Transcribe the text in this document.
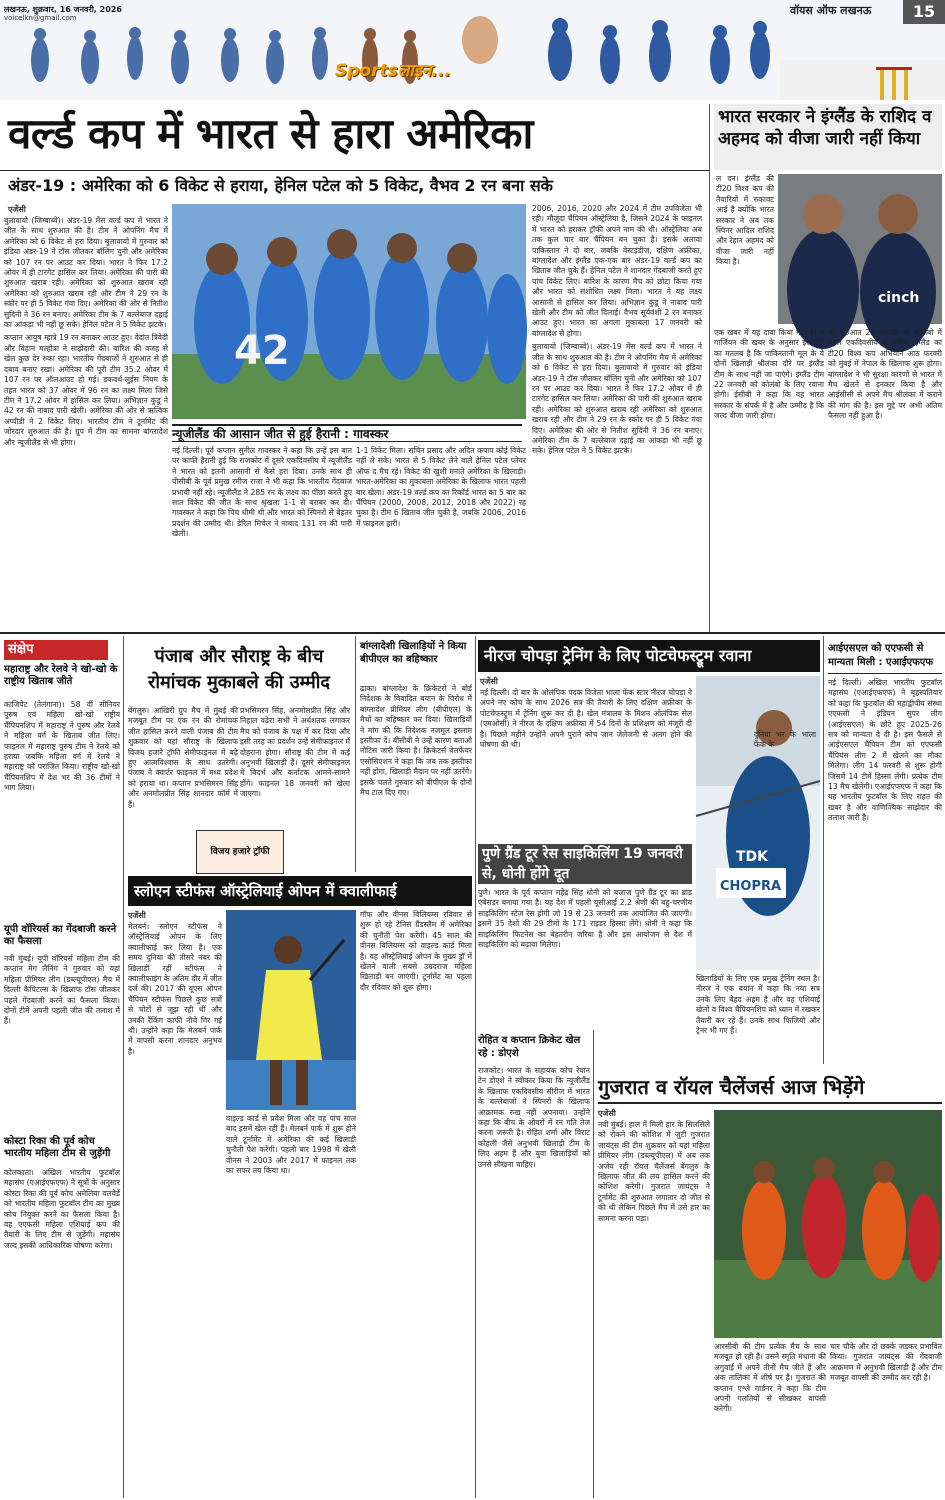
लखनऊ, शुक्रवार, 16 जनवरी, 2026
voicelkn@gmail.com
वॉयस ऑफ लखनऊ	15
Sportsलाइन...
वर्ल्ड कप में भारत से हारा अमेरिका
अंडर-19 : अमेरिका को 6 विकेट से हराया, हेनिल पटेल को 5 विकेट, वैभव 2 रन बना सके
एजेंसी

बुलावायो (जिम्बाब्वे)। अंडर-19 मेंस वर्ल्ड कप में भारत ने जीत के साथ शुरुआत की है। टीम ने ओपनिंग मैच में अमेरिका को 6 विकेट से हरा दिया। बुलावायो में गुरुवार को इंडिया अंडर-19 ने टॉस जीतकर बॉलिंग चुनी और अमेरिका को 107 रन पर आउट कर दिया। भारत ने फिर 17.2 ओवर में ही टारगेट हासिल कर लिया। अमेरिका की पारी की शुरुआत खराब रही। अमेरिका को शुरुआत खराब रही अमेरिका को शुरुआत खराब रही और टीम ने 29 रन के स्कोर पर ही 5 विकेट गंवा दिए। अमेरिका की ओर से नितीश सुदिनी ने 36 रन बनाए। अमेरिका टीम के 7 बल्लेबाज दहाई का आंकड़ा भी नहीं छू सके। हेनिल पटेल ने 5 विकेट झटके।

कप्तान आयुष म्हात्रे 19 रन बनाकर आउट हुए। वेदांत त्रिवेदी और विहान मल्होत्रा ने साझेदारी की। बारिश की वजह से खेल कुछ देर रुका रहा। भारतीय गेंदबाजों ने शुरुआत से ही दबाव बनाए रखा। अमेरिका की पूरी टीम 35.2 ओवर में 107 रन पर ऑलआउट हो गई। डकवर्थ-लुईस नियम के तहत भारत को 37 ओवर में 96 रन का लक्ष्य मिला जिसे टीम ने 17.2 ओवर में हासिल कर लिया। अभिज्ञान कुंडू ने 42 रन की नाबाद पारी खेली। अमेरिका की ओर से ऋत्विक अप्पीडी ने 2 विकेट लिए। भारतीय टीम ने टूर्नामेंट की जोरदार शुरुआत की है। ग्रुप में टीम का सामना बांग्लादेश और न्यूजीलैंड से भी होगा।

42

2006, 2016, 2020 और 2024 में टीम उपविजेता भी रही। मौजूदा चैंपियन ऑस्ट्रेलिया है, जिसने 2024 के फाइनल में भारत को हराकर ट्रॉफी अपने नाम की थी। ऑस्ट्रेलिया अब तक कुल चार बार चैंपियन बन चुका है। इसके अलावा पाकिस्तान ने दो बार, जबकि वेस्टइंडीज, दक्षिण अफ्रीका, बांग्लादेश और इंग्लैंड एक-एक बार अंडर-19 वर्ल्ड कप का खिताब जीत चुके हैं। हेनिल पटेल ने शानदार गेंदबाजी करते हुए पांच विकेट लिए। बारिश के कारण मैच को छोटा किया गया और भारत को संशोधित लक्ष्य मिला। भारत ने यह लक्ष्य आसानी से हासिल कर लिया। अभिज्ञान कुंडू ने नाबाद पारी खेली और टीम को जीत दिलाई। वैभव सूर्यवंशी 2 रन बनाकर आउट हुए। भारत का अगला मुकाबला 17 जनवरी को बांग्लादेश से होगा।

बुलावायो (जिम्बाब्वे)। अंडर-19 मेंस वर्ल्ड कप में भारत ने जीत के साथ शुरुआत की है। टीम ने ओपनिंग मैच में अमेरिका को 6 विकेट से हरा दिया। बुलावायो में गुरुवार को इंडिया अंडर-19 ने टॉस जीतकर बॉलिंग चुनी और अमेरिका को 107 रन पर आउट कर दिया। भारत ने फिर 17.2 ओवर में ही टारगेट हासिल कर लिया। अमेरिका की पारी की शुरुआत खराब रही। अमेरिका को शुरुआत खराब रही अमेरिका को शुरुआत खराब रही और टीम ने 29 रन के स्कोर पर ही 5 विकेट गंवा दिए। अमेरिका की ओर से नितीश सुदिनी ने 36 रन बनाए। अमेरिका टीम के 7 बल्लेबाज दहाई का आंकड़ा भी नहीं छू सके। हेनिल पटेल ने 5 विकेट झटके।

न्यूजीलैंड की आसान जीत से हुई हैरानी : गावस्कर
नई दिल्ली। पूर्व कप्तान सुनील गावस्कर ने कहा कि उन्हें इस बात पर काफी हैरानी हुई कि राजकोट में दूसरे एकदिवसीय में न्यूजीलैंड ने भारत को इतनी आसानी से कैसे हरा दिया। उनके साथ ही पीसीबी के पूर्व प्रमुख रमीज राजा ने भी कहा कि भारतीय गेंदबाज प्रभावी नहीं रहे। न्यूजीलैंड ने 285 रन के लक्ष्य का पीछा करते हुए सात विकेट की जीत के साथ श्रृंखला 1-1 से बराबर कर दी। गावस्कर ने कहा कि पिच धीमी थी और भारत को स्पिनरों से बेहतर प्रदर्शन की उम्मीद थी। डेरिल मिचेल ने नाबाद 131 रन की पारी खेली।
1-1 विकेट मिला। सचिन प्रसाद और अदित कपाप कोई विकेट नहीं ले सके। भारत से 5 विकेट लेने वाले हेनिल पटेल प्लेयर ऑफ द मैच रहे। विकेट की खुशी मनाते अमेरिका के खिलाड़ी। भारत-अमेरिका का मुकाबला अमेरिका के खिलाफ भारत पहली बार खेला। अंडर-19 वर्ल्ड कप का रिकॉर्ड भारत का 5 बार का चैंपियन (2000, 2008, 2012, 2018 और 2022) रह चुका है। टीम 6 खिताब जीत चुकी है, जबकि 2006, 2016 में फाइनल हारी।
भारत सरकार ने इंग्लैंड के राशिद व अहमद को वीजा जारी नहीं किया
ल दन। इंग्लैंड की टी20 विश्व कप की तैयारियों में रुकावट आई है क्योंकि भारत सरकार ने अब तक स्पिनर आदिल राशिद और रेहान अहमद को वीजा जारी नहीं किया है।
cinch
एक खबर में यह दावा किया गया है। द गार्जियन की खबर के अनुसार इस देरी का मतलब है कि पाकिस्तानी मूल के ये दोनों खिलाड़ी श्रीलंका दौरे पर इंग्लैंड टीम के साथ नहीं जा पाएंगे। इंग्लैंड टीम 22 जनवरी को कोलंबो के लिए रवाना होगी। ईसीबी ने कहा कि वह भारत सरकार के संपर्क में है और उम्मीद है कि जल्द वीजा जारी होगा।
की शुरुआत 22 जनवरी को कोलंबो में पहले एकदिवसीय से करेगा। इंग्लैंड का टी20 विश्व कप अभियान आठ फरवरी को मुंबई में नेपाल के खिलाफ शुरू होगा। बांग्लादेश ने भी सुरक्षा कारणों से भारत में मैच खेलने से इनकार किया है और आईसीसी से अपने मैच श्रीलंका में कराने की मांग की है। इस मुद्दे पर अभी अंतिम फैसला नहीं हुआ है।
संक्षेप
महाराष्ट्र और रेलवे ने खो-खो के राष्ट्रीय खिताब जीते
काजिपेट (तेलंगाना)। 58 वीं सीनियर पुरुष एवं महिला खो-खो राष्ट्रीय चैंपियनशिप में महाराष्ट्र ने पुरुष और रेलवे ने महिला वर्ग के खिताब जीत लिए। फाइनल में महाराष्ट्र पुरुष टीम ने रेलवे को हराया जबकि महिला वर्ग में रेलवे ने महाराष्ट्र को पराजित किया। राष्ट्रीय खो-खो चैंपियनशिप में देश भर की 36 टीमों ने भाग लिया।
यूपी वॉरियर्स का गेंदबाजी करने का फैसला
नवी मुंबई। यूपी वॉरियर्स महिला टीम की कप्तान मेग लैनिंग ने गुरुवार को यहां महिला प्रीमियर लीग (डब्ल्यूपीएल) मैच में दिल्ली कैपिटल्स के खिलाफ टॉस जीतकर पहले गेंदबाजी करने का फैसला किया। दोनों टीमें अपनी पहली जीत की तलाश में हैं।
कोस्टा रिका की पूर्व कोच भारतीय महिला टीम से जुड़ेंगी
कोलकाता। अखिल भारतीय फुटबॉल महासंघ (एआईएफएफ) ने सूत्रों के अनुसार कोस्टा रिका की पूर्व कोच अमेलिया वलवेर्डे को भारतीय महिला फुटबॉल टीम का मुख्य कोच नियुक्त करने का फैसला किया है। वह एएफसी महिला एशियाई कप की तैयारी के लिए टीम से जुड़ेंगी। महासंघ जल्द इसकी आधिकारिक घोषणा करेगा।
पंजाब और सौराष्ट्र के बीच रोमांचक मुकाबले की उम्मीद
बेंगलुरु। आखिरी ग्रुप मैच में मुंबई की मजबूत टीम पर एक रन की रोमांचक जीत हासिल करने वाली पंजाब की टीम शुक्रवार को यहां सौराष्ट्र के खिलाफ विजय हजारे ट्रॉफी सेमीफाइनल में बढ़े हुए आत्मविश्वास के साथ उतरेगी। पंजाब ने क्वार्टर फाइनल में मध्य प्रदेश को हराया था। कप्तान प्रभसिमरन सिंह और अनमोलप्रीत सिंह शानदार फॉर्म में हैं।
प्रभसिमरन सिंह, अनमोलप्रीत सिंह और निहाल वढेरा सभी ने अर्धशतक लगाकर मैच को पंजाब के पक्ष में कर दिया और इसी तरह का प्रदर्शन उन्हें सेमीफाइनल में दोहराना होगा। सौराष्ट्र की टीम में कई अनुभवी खिलाड़ी हैं। दूसरे सेमीफाइनल में विदर्भ और कर्नाटक आमने-सामने होंगे। फाइनल 18 जनवरी को खेला जाएगा।
विजय हजारे ट्रॉफी
बांग्लादेशी खिलाड़ियों ने किया बीपीएल का बहिष्कार
ढाका। बांग्लादेश के क्रिकेटरों ने बोर्ड निदेशक के विवादित बयान के विरोध में बांग्लादेश प्रीमियर लीग (बीपीएल) के मैचों का बहिष्कार कर दिया। खिलाड़ियों ने मांग की कि निदेशक नजमुल इस्लाम इस्तीफा दें। बीसीबी ने उन्हें कारण बताओ नोटिस जारी किया है। क्रिकेटर्स वेलफेयर एसोसिएशन ने कहा कि जब तक इस्तीफा नहीं होगा, खिलाड़ी मैदान पर नहीं उतरेंगे। इसके चलते गुरुवार को बीपीएल के दोनों मैच टाल दिए गए।
नीरज चोपड़ा ट्रेनिंग के लिए पोटचेफस्ट्रूम रवाना
एजेंसी
नई दिल्ली। दो बार के ओलंपिक पदक विजेता भाला फेंक स्टार नीरज चोपड़ा ने अपने नए कोच के साथ 2026 सत्र की तैयारी के लिए दक्षिण अफ्रीका के पोटचेफस्ट्रूम में ट्रेनिंग शुरू कर दी है। खेल मंत्रालय के मिशन ओलंपिक सेल (एमओसी) ने नीरज के दक्षिण अफ्रीका में 54 दिनों के प्रशिक्षण को मंजूरी दी है। पिछले महीने उन्होंने अपने पुराने कोच जान जेलेजनी से अलग होने की घोषणा की थी।
CHOPRA
TDK
दुनिया भर के भाला फेंक के
पुणे ग्रैंड टूर रेस साइकिलिंग 19 जनवरी से, धोनी होंगे दूत
पुणे। भारत के पूर्व कप्तान महेंद्र सिंह धोनी को बजाज पुणे ग्रैंड टूर का ब्रांड एंबेसडर बनाया गया है। यह देश में पहली यूसीआई 2.2 श्रेणी की बहु-चरणीय साइकिलिंग स्टेज रेस होगी जो 19 से 23 जनवरी तक आयोजित की जाएगी। इसमें 35 देशों की 29 टीमों के 171 राइडर हिस्सा लेंगे। धोनी ने कहा कि साइकिलिंग फिटनेस का बेहतरीन जरिया है और इस आयोजन से देश में साइकिलिंग को बढ़ावा मिलेगा।
खिलाड़ियों के लिए एक प्रमुख ट्रेनिंग स्थल है। नीरज ने एक बयान में कहा कि नया सत्र उनके लिए बेहद अहम है और वह एशियाई खेलों व विश्व चैंपियनशिप को ध्यान में रखकर तैयारी कर रहे हैं। उनके साथ फिजियो और ट्रेनर भी गए हैं।
आईएसएल को एएफसी से मान्यता मिली : एआईएफएफ
नई दिल्ली। अखिल भारतीय फुटबॉल महासंघ (एआईएफएफ) ने बृहस्पतिवार को कहा कि फुटबॉल की महाद्वीपीय संस्था एएफसी ने इंडियन सुपर लीग (आईएसएल) के छोटे हुए 2025-26 सत्र को मान्यता दे दी है। इस फैसले से आईएसएल चैंपियन टीम को एएफसी चैंपियंस लीग 2 में खेलने का मौका मिलेगा। लीग 14 फरवरी से शुरू होगी जिसमें 14 टीमें हिस्सा लेंगी। प्रत्येक टीम 13 मैच खेलेगी। एआईएफएफ ने कहा कि यह भारतीय फुटबॉल के लिए राहत की खबर है और वाणिज्यिक साझेदार की तलाश जारी है।
स्लोएन स्टीफंस ऑस्ट्रेलियाई ओपन में क्वालीफाई
एजेंसी
मेलबर्न। स्लोएन स्टीफंस ने ऑस्ट्रेलियाई ओपन के लिए क्वालीफाई कर लिया है। एक समय दुनिया की तीसरे नंबर की खिलाड़ी रहीं स्टीफंस ने क्वालीफाइंग के अंतिम दौर में जीत दर्ज की। 2017 की यूएस ओपन चैंपियन स्टीफंस पिछले कुछ सत्रों से चोटों से जूझ रही थीं और उनकी रैंकिंग काफी नीचे गिर गई थी। उन्होंने कहा कि मेलबर्न पार्क में वापसी करना शानदार अनुभव है।
वाइल्ड कार्ड से प्रवेश मिला और वह पांच साल बाद इसमें खेल रही हैं। मेलबर्न पार्क में शुरू होने वाले टूर्नामेंट में अमेरिका की कई खिलाड़ी चुनौती पेश करेंगी। पहली बार 1998 में खेली वीनस ने 2003 और 2017 में फाइनल तक का सफर तय किया था।
गॉफ और वीनस विलियम्स रविवार से शुरू हो रहे टेनिस ग्रैंडस्लैम में अमेरिका की चुनौती पेश करेंगी। 45 साल की वीनस विलियम्स को वाइल्ड कार्ड मिला है। वह ऑस्ट्रेलियाई ओपन के मुख्य ड्रॉ में खेलने वाली सबसे उम्रदराज महिला खिलाड़ी बन जाएंगी। टूर्नामेंट का पहला दौर रविवार को शुरू होगा।
रोहित व कप्तान क्रिकेट खेल रहे : डोएशे
राजकोट। भारत के सहायक कोच रेयान टेन डोएशे ने स्वीकार किया कि न्यूजीलैंड के खिलाफ एकदिवसीय सीरीज में भारत के बल्लेबाजों ने स्पिनरों के खिलाफ आक्रामक रुख नहीं अपनाया। उन्होंने कहा कि बीच के ओवरों में रन गति तेज करना जरूरी है। रोहित शर्मा और विराट कोहली जैसे अनुभवी खिलाड़ी टीम के लिए अहम हैं और युवा खिलाड़ियों को उनसे सीखना चाहिए।
गुजरात व रॉयल चैलेंजर्स आज भिड़ेंगे
एजेंसी
नवी मुंबई। हाल में मिली हार के सिलसिले को रोकने की कोशिश में जुटी गुजरात जायंट्स की टीम शुक्रवार को यहां महिला प्रीमियर लीग (डब्ल्यूपीएल) में अब तक अजेय रही रॉयल चैलेंजर्स बेंगलुरु के खिलाफ जीत की लय हासिल करने की कोशिश करेगी। गुजरात जायंट्स ने टूर्नामेंट की शुरुआत लगातार दो जीत से की थी लेकिन पिछले मैच में उसे हार का सामना करना पड़ा।
आरसीबी की टीम प्रत्येक मैच के साथ मजबूत हो रही है। उसने स्मृति मंधाना की अगुवाई में अपने तीनों मैच जीते हैं और अंक तालिका में शीर्ष पर है। गुजरात की कप्तान एश्ले गार्डनर ने कहा कि टीम अपनी गलतियों से सीखकर वापसी करेगी।
चार चौके और दो छक्के जड़कर प्रभावित किया। गुजरात जायंट्स की गेंदबाजी आक्रमण में अनुभवी खिलाड़ी हैं और टीम मजबूत वापसी की उम्मीद कर रही है।
